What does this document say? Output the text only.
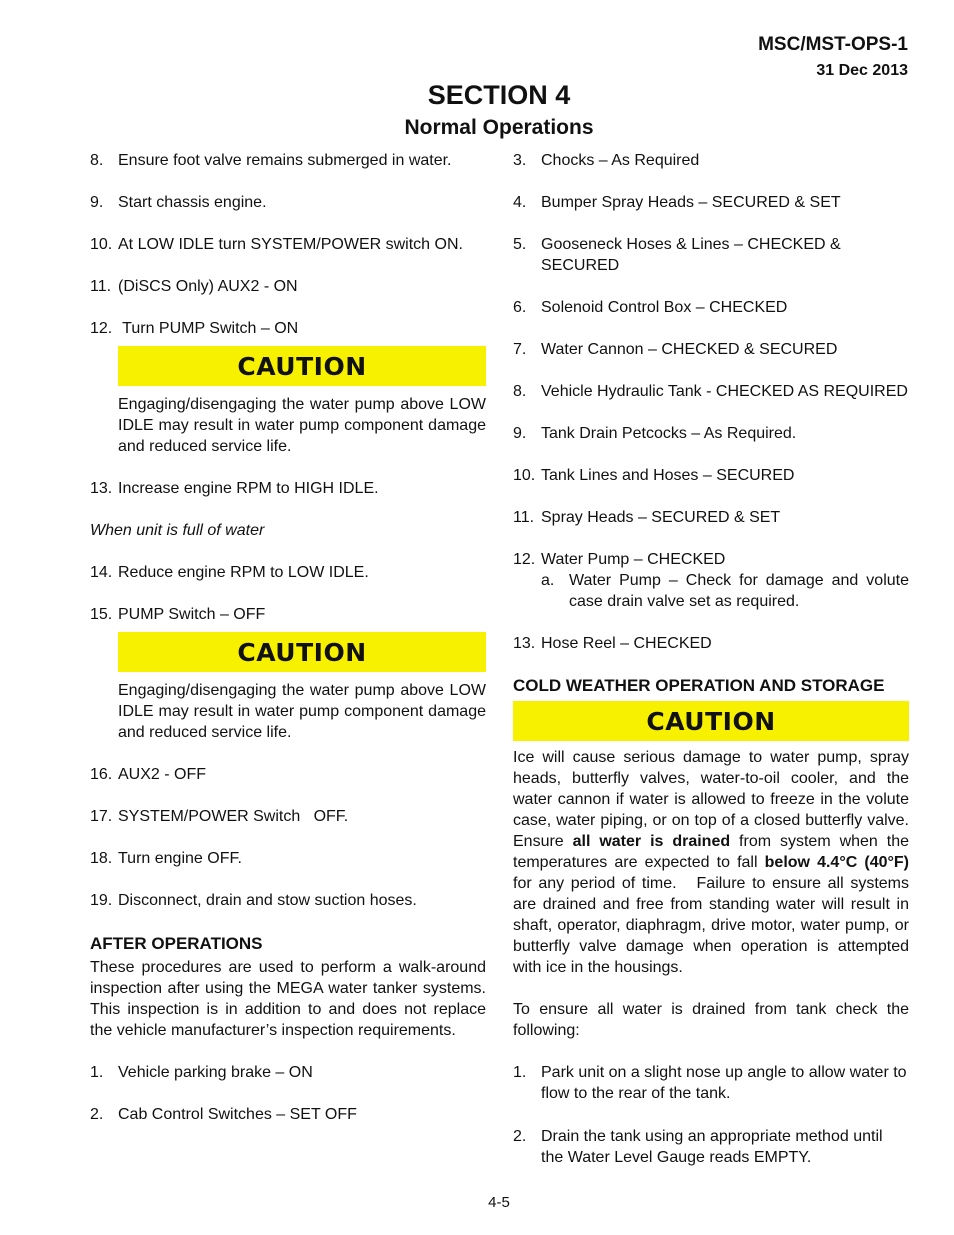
MSC/MST-OPS-1
31 Dec 2013
SECTION 4
Normal Operations
8. Ensure foot valve remains submerged in water.
9. Start chassis engine.
10. At LOW IDLE turn SYSTEM/POWER switch ON.
11. (DiSCS Only) AUX2 - ON
12. Turn PUMP Switch – ON
CAUTION
Engaging/disengaging the water pump above LOW IDLE may result in water pump component damage and reduced service life.
13. Increase engine RPM to HIGH IDLE.
When unit is full of water
14. Reduce engine RPM to LOW IDLE.
15. PUMP Switch – OFF
CAUTION
Engaging/disengaging the water pump above LOW IDLE may result in water pump component damage and reduced service life.
16. AUX2 - OFF
17. SYSTEM/POWER Switch   OFF.
18. Turn engine OFF.
19. Disconnect, drain and stow suction hoses.
AFTER OPERATIONS
These procedures are used to perform a walk-around inspection after using the MEGA water tanker systems. This inspection is in addition to and does not replace the vehicle manufacturer’s inspection requirements.
1. Vehicle parking brake – ON
2. Cab Control Switches – SET OFF
3. Chocks – As Required
4. Bumper Spray Heads – SECURED & SET
5. Gooseneck Hoses & Lines – CHECKED & SECURED
6. Solenoid Control Box – CHECKED
7. Water Cannon – CHECKED & SECURED
8. Vehicle Hydraulic Tank - CHECKED AS REQUIRED
9. Tank Drain Petcocks – As Required.
10. Tank Lines and Hoses – SECURED
11. Spray Heads – SECURED & SET
12. Water Pump – CHECKED
a. Water Pump – Check for damage and volute case drain valve set as required.
13. Hose Reel – CHECKED
COLD WEATHER OPERATION AND STORAGE
CAUTION
Ice will cause serious damage to water pump, spray heads, butterfly valves, water-to-oil cooler, and the water cannon if water is allowed to freeze in the volute case, water piping, or on top of a closed butterfly valve. Ensure all water is drained from system when the temperatures are expected to fall below 4.4°C (40°F) for any period of time.   Failure to ensure all systems are drained and free from standing water will result in shaft, operator, diaphragm, drive motor, water pump, or butterfly valve damage when operation is attempted with ice in the housings.
To ensure all water is drained from tank check the following:
1. Park unit on a slight nose up angle to allow water to flow to the rear of the tank.
2. Drain the tank using an appropriate method until the Water Level Gauge reads EMPTY.
4-5
